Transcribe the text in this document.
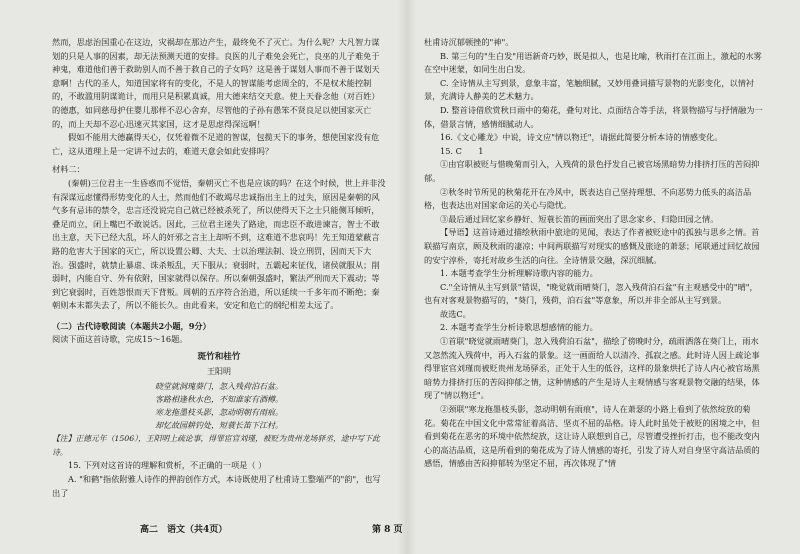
然而，思虑治国重心在这边，灾祸却在那边产生，最终免不了灭亡。为什么呢？大凡智力谋划的只是人事的因素，却无法预测天道的安排。良医的儿子难免会死亡，良巫的儿子难免于神鬼，难道他们善于救助别人而不善于救自己的子女吗？这是善于谋划人事而不善于谋划天意啊！古代的圣人，知道国家将有的变化，不是人的智谋能考虑周全的，不是权术能控制的，不敢滥用阴谋诡计，而用只是积累真诚，用大德来结交天意。使上天眷念他（对百姓）的德惠，如同慈母护住婴儿那样不忍心舍弃，尽管他的子孙有愚笨不贤良足以使国家灭亡的，而上天却不忍心迅速灭其家国，这才是思虑得深远啊！

假如不能用大德赢得天心，仅凭着微不足道的智谋，包揽天下的事务，想使国家没有危亡，这从道理上是一定讲不过去的，难道天意会如此安排吗？

材料二：

(秦朝)三位君主一生昏惑而不觉悟，秦朝灭亡不也是应该的吗？在这个时候，世上并非没有深谋远虑懂得形势变化的人士，然而他们不敢竭尽忠诚指出主上的过失，原因是秦朝的风气多有忌讳的禁令，忠言还没说完自己就已经被杀死了，所以使得天下之士只能侧耳倾听，叠足而立，闭上嘴巴不敢说话。因此，三位君主迷失了路途，而忠臣不敢进谏言，智士不敢出主意，天下已经大乱，坏人的奸邪之言主上却听不到，这难道不悲哀吗！先王知道蒙蔽言路的危害大于国家的灭亡，所以设置公卿、大夫、士以治理法制、设立刑罚，因而天下大治。强盛时，就禁止暴虐、诛杀叛乱，天下服从；衰弱时，五霸起来征伐，诸侯就服从；削弱时，内能自守、外有依附，国家就得以保存。所以秦朝强盛时，繁法严刑而天下震动；等到它衰弱时，百姓怨恨而天下背叛。周朝的五序符合治道，所以延续一千多年而不断绝；秦朝则本末都失去了，所以不能长久。由此看来，安定和危亡的纲纪相差太远了。

（二）古代诗歌阅读（本题共2小题，9分）

阅读下面这首诗歌，完成15～16题。

斑竹和桂竹

王阳明

晓堂就洞瑰葵门，忽入残荷泊石盆。
客路相逢秋水色，不知谁家有酒樽。
寒龙拖墨枝头影，忽动明朝有雨痕。
却忆故园耕钓处，短蓑长笛下江村。

【注】正德元年（1506），王阳明上疏论事，得罪宦官刘瑾，被贬为贵州龙场驿丞，途中写下此诗。

15. 下列对这首诗的理解和赏析，不正确的一项是（ ）

A. "和鹤"指依附雅人诗作的押韵创作方式，本诗既使用了杜甫诗工整端严的"韵"，也写出了

杜甫诗沉郁顿挫的"神"。

B. 第三句的"生白发"用语新奇巧妙，既是拟人，也是比喻，秋雨打在江面上，激起的水雾在空中迷蒙，如同生出白发。

C. 全诗情从主写到景，意象丰富，笔触细腻，又妙用叠词描写景物的光影变化，以情衬景，充满诗人静美的艺术魅力。

D. 整首诗借欣赏秋日雨中的菊花，叠句对比、点面结合等手法，将景物描写与抒情融为一体，借景言情，感情细腻动人。

16.《文心雕龙》中说，诗文应"情以物迁"，请据此简要分析本诗的情感变化。

15. C　　1

①由官职被贬与惜晚菊而引入，入残荷的景色抒发自己被官场黑暗势力排挤打压的苦闷抑郁。

②秋冬时节所见的秋菊花开在冷风中，既表达自己坚持理想、不向恶势力低头的高洁品格，也表达出对国家命运的关心与隐忧。

③最后通过回忆家乡静好、短蓑长笛的画面突出了思念家乡、归隐田园之情。

【导语】这首诗通过描绘秋雨中旅途的见闻，表达了作者被贬途中的孤独与思乡之情。首联描写南京，顾及秋雨的凄凉；中间两联描写对现实的感慨及旅途的萧瑟；尾联通过回忆故园的安宁淳朴，寄托对故乡生活的向往。全诗情景交融，深沉细腻。

1. 本题考查学生分析理解诗歌内容的能力。

C."全诗情从主写到景"错误，"晚觉就雨晴葵门，忽入残荷泊石盆"有主观感受中的"晴"，也有对客观景物描写的，"葵门，残荷，泊石盆"等意象，所以并非全部从主写到景。

故选C。

2. 本题考查学生分析诗歌思想感情的能力。

①首联"晓觉就雨晴葵门，忽入残荷泊石盆"，描绘了傍晚时分，疏雨洒落在葵门上，雨水又忽然流入残荷中，再入石盆的景象。这一画面给人以清冷、孤寂之感。此时诗人因上疏论事得罪宦官刘瑾而被贬贵州龙场驿丞，正处于人生的低谷，这样的景象烘托了诗人内心被官场黑暗势力排挤打压的苦闷抑郁之情，这种情感的产生是诗人主观情感与客观景物交融的结果，体现了"情以物迁"。

②颈联"寒龙拖墨枝头影，忽动明朝有雨痕"，诗人在萧瑟的小路上看到了依然绽放的菊花。菊花在中国文化中常常征着高洁、坚贞不屈的品格。诗人此时虽处于被贬的困境之中，但看到菊花在恶劣的环境中依然绽放，这让诗人联想到自己，尽管遭受挫折打击，也不能改变内心的高洁品质，这是所看到的菊花成为了诗人情感的寄托，引发了诗人对自身坚守高洁品质的感悟，情感由苦闷抑郁转为坚定不屈，再次体现了"情

高二　语文（共4页）	第 8 页
